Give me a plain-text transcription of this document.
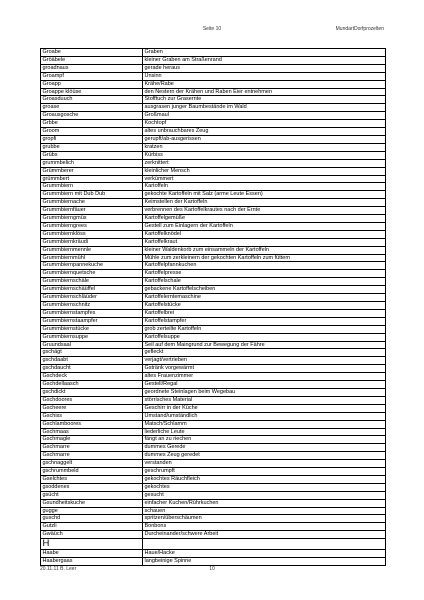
Seite 10	MundartDorfprozelten
Groabe	Graben
Gröäbele	kleiner Graben am Straßenrand
groadnaus	gerade heraus
Groampf	Unsinn
Groapp	Krähe/Rabe
Groappe klöüse	den Nestern der Krähen und Raben Eier entnehmen
Groasduuch	Stofftuch zur Grasernte
groase	ausgrasen junger Baumbestände im Wald
Groausgosche	Großmaul
Grbbe	Kochtopf
Groom	altes unbrauchbares Zeug
gropfi	gerupft/ab-ausgerissen
grubbe	kratzen
Grübs	Kürbiss
grummbelich	zerknittert
Grümmberer	kleinlicher Mensch
grümmbert	verkümmert
Grummbiern	Kartoffeln
Grummbiern mit Dub Dub	gekochte Kartoffeln mit Salz (arme Leute Essen)
Grummbiernache	Keimstellen der Kartoffeln
Grummbiernfäuer	verbrennen des Kartoffelkrautes nach der Ernte
Grummbierngmüs	Kartoffelgemüße
Grummbierngrees	Gestell zum Einlagern der Kartoffeln
Grummbiernklöss	Kartoffelknödel
Grummbiernkräudi	Kartoffelkraut
Grummbiernmennle	kleiner Waldenkorb zum einsammeln der Kartoffeln
Grummbiernmühl	Mühle zum zerkleinern der gekochten Kartoffeln zum füttern
Grummbiernpannekuche	Kartoffelpfannkuchen
Grummbiernquetsche	Kartoffelpresse
Grummbiernschäle	Kartoffelschale
Grummbiernschäüffel	gebackene Kartoffelscheiben
Grummbiernschläüder	Kartoffelerntemaschine
Grummbiernschnitz	Kartoffelstücke
Grummbiernstampfes	Kartoffelbrei
Grummbiernstaampfer	Kartoffelstampfer
Grummbiernstücke	grob zerteilte Kartoffeln
Grummbiernsuppe	Kartoffelsuppe
Gruundsaal	Seil auf dem Maingrund zur Bewegung der Fähre
gschägt	gefleckt
gschdaabt	verjagt/vertrieben
gschdaucht	Gstränk vorgewärmt
Gschdeck	altes Frauenzimmer
Gschdellaasch	Gestell/Regal
gschdickt	geordnete Steinlagen beim Wegebau
Gschdoores	störrisches Material
Gscheere	Geschirr in der Küche
Gschiss	Umstand/umständlich
Gschlamboores	Matsch/Schlamm
Gschmaas	liederliche Leute
Gschmagle	fängt an zu riechen
Gschmarre	dummes Gerede
Gschmarre	dummes Zeug geredet
gschnaggelt	verstanden
gschrummbeld	geschrumpft
Gselchtes	gekochtes Räuchfleich
gsoddenes	gekochtes
gsücht	gesucht
Gsundheitskuche	einfacher Kuchen/Rührkuchen
gugge	schauen
guschd	spritzen/überschäumen
Gutzli	Bonbons
Gwäüch	Durcheinander/schwere Arbeit
H	
Haabe	Haue/Hacke
Haabergaas	langbeinige Spinne
20.11.11 B. Leer	10
